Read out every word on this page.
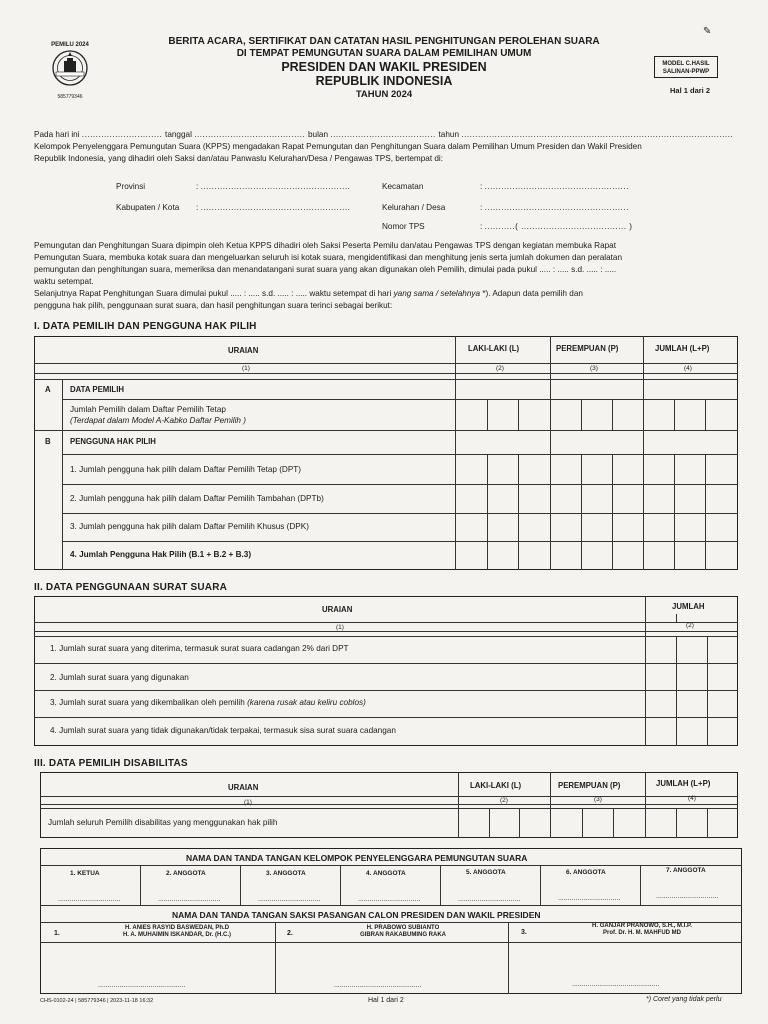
✎
PEMILU 2024
585779346
BERITA ACARA, SERTIFIKAT DAN CATATAN HASIL PENGHITUNGAN PEROLEHAN SUARA
DI TEMPAT PEMUNGUTAN SUARA DALAM PEMILIHAN UMUM
PRESIDEN DAN WAKIL PRESIDEN
REPUBLIK INDONESIA
TAHUN 2024
MODEL C.HASIL
SALINAN-PPWP
Hal 1 dari 2
Pada hari ini ............................. tanggal ........................................ bulan ...................................... tahun ..................................................................................................
Kelompok Penyelenggara Pemungutan Suara (KPPS) mengadakan Rapat Pemungutan dan Penghitungan Suara dalam Pemilihan Umum Presiden dan Wakil Presiden
Republik Indonesia, yang dihadiri oleh Saksi dan/atau Panwaslu Kelurahan/Desa / Pengawas TPS, bertempat di:
Provinsi	: ......................................................
Kabupaten / Kota : ......................................................
Kecamatan	: ....................................................
Kelurahan / Desa	: ....................................................
Nomor TPS	: ...........( ...................................... )
Pemungutan dan Penghitungan Suara dipimpin oleh Ketua KPPS dihadiri oleh Saksi Peserta Pemilu dan/atau Pengawas TPS dengan kegiatan membuka Rapat
Pemungutan Suara, membuka kotak suara dan mengeluarkan seluruh isi kotak suara, mengidentifikasi dan menghitung jenis serta jumlah dokumen dan peralatan
pemungutan dan penghitungan suara, memeriksa dan menandatangani surat suara yang akan digunakan oleh Pemilih, dimulai pada pukul ..... : ..... s.d. ..... : .....
waktu setempat.
Selanjutnya Rapat Penghitungan Suara dimulai pukul ..... : ..... s.d. ..... : ..... waktu setempat di hari yang sama / setelahnya *). Adapun data pemilih dan
pengguna hak pilih, penggunaan surat suara, dan hasil penghitungan suara terinci sebagai berikut:
I. DATA PEMILIH DAN PENGGUNA HAK PILIH
URAIAN	LAKI-LAKI (L)	PEREMPUAN (P)	JUMLAH (L+P)
(1)	(2)	(3)	(4)
A DATA PEMILIH
Jumlah Pemilih dalam Daftar Pemilih Tetap
(Terdapat dalam Model A-Kabko Daftar Pemilih )
B PENGGUNA HAK PILIH
1. Jumlah pengguna hak pilih dalam Daftar Pemilih Tetap (DPT)
2. Jumlah pengguna hak pilih dalam Daftar Pemilih Tambahan (DPTb)
3. Jumlah pengguna hak pilih dalam Daftar Pemilih Khusus (DPK)
4. Jumlah Pengguna Hak Pilih (B.1 + B.2 + B.3)
II. DATA PENGGUNAAN SURAT SUARA
URAIAN	JUMLAH
(1)	(2)
1. Jumlah surat suara yang diterima, termasuk surat suara cadangan 2% dari DPT
2. Jumlah surat suara yang digunakan
3. Jumlah surat suara yang dikembalikan oleh pemilih (karena rusak atau keliru coblos)
4. Jumlah surat suara yang tidak digunakan/tidak terpakai, termasuk sisa surat suara cadangan
III. DATA PEMILIH DISABILITAS
URAIAN	LAKI-LAKI (L)	PEREMPUAN (P)	JUMLAH (L+P)
(1)	(2)	(3)	(4)
Jumlah seluruh Pemilih disabilitas yang menggunakan hak pilih
NAMA DAN TANDA TANGAN KELOMPOK PENYELENGGARA PEMUNGUTAN SUARA
1. KETUA	2. ANGGOTA	3. ANGGOTA	4. ANGGOTA	5. ANGGOTA	6. ANGGOTA	7. ANGGOTA
................................	................................	................................	................................	................................	................................	................................
NAMA DAN TANDA TANGAN SAKSI PASANGAN CALON PRESIDEN DAN WAKIL PRESIDEN
1.
H. ANIES RASYID BASWEDAN, Ph.D
H. A. MUHAIMIN ISKANDAR, Dr. (H.C.)	2.
H. PRABOWO SUBIANTO
GIBRAN RAKABUMING RAKA	3.
H. GANJAR PRANOWO, S.H., M.I.P.
Prof. Dr. H. M. MAHFUD MD
.............................................	.............................................	.............................................
CHS-0102-24 | 585779346 | 2023-11-18 16:32	Hal 1 dari 2	*) Coret yang tidak perlu
